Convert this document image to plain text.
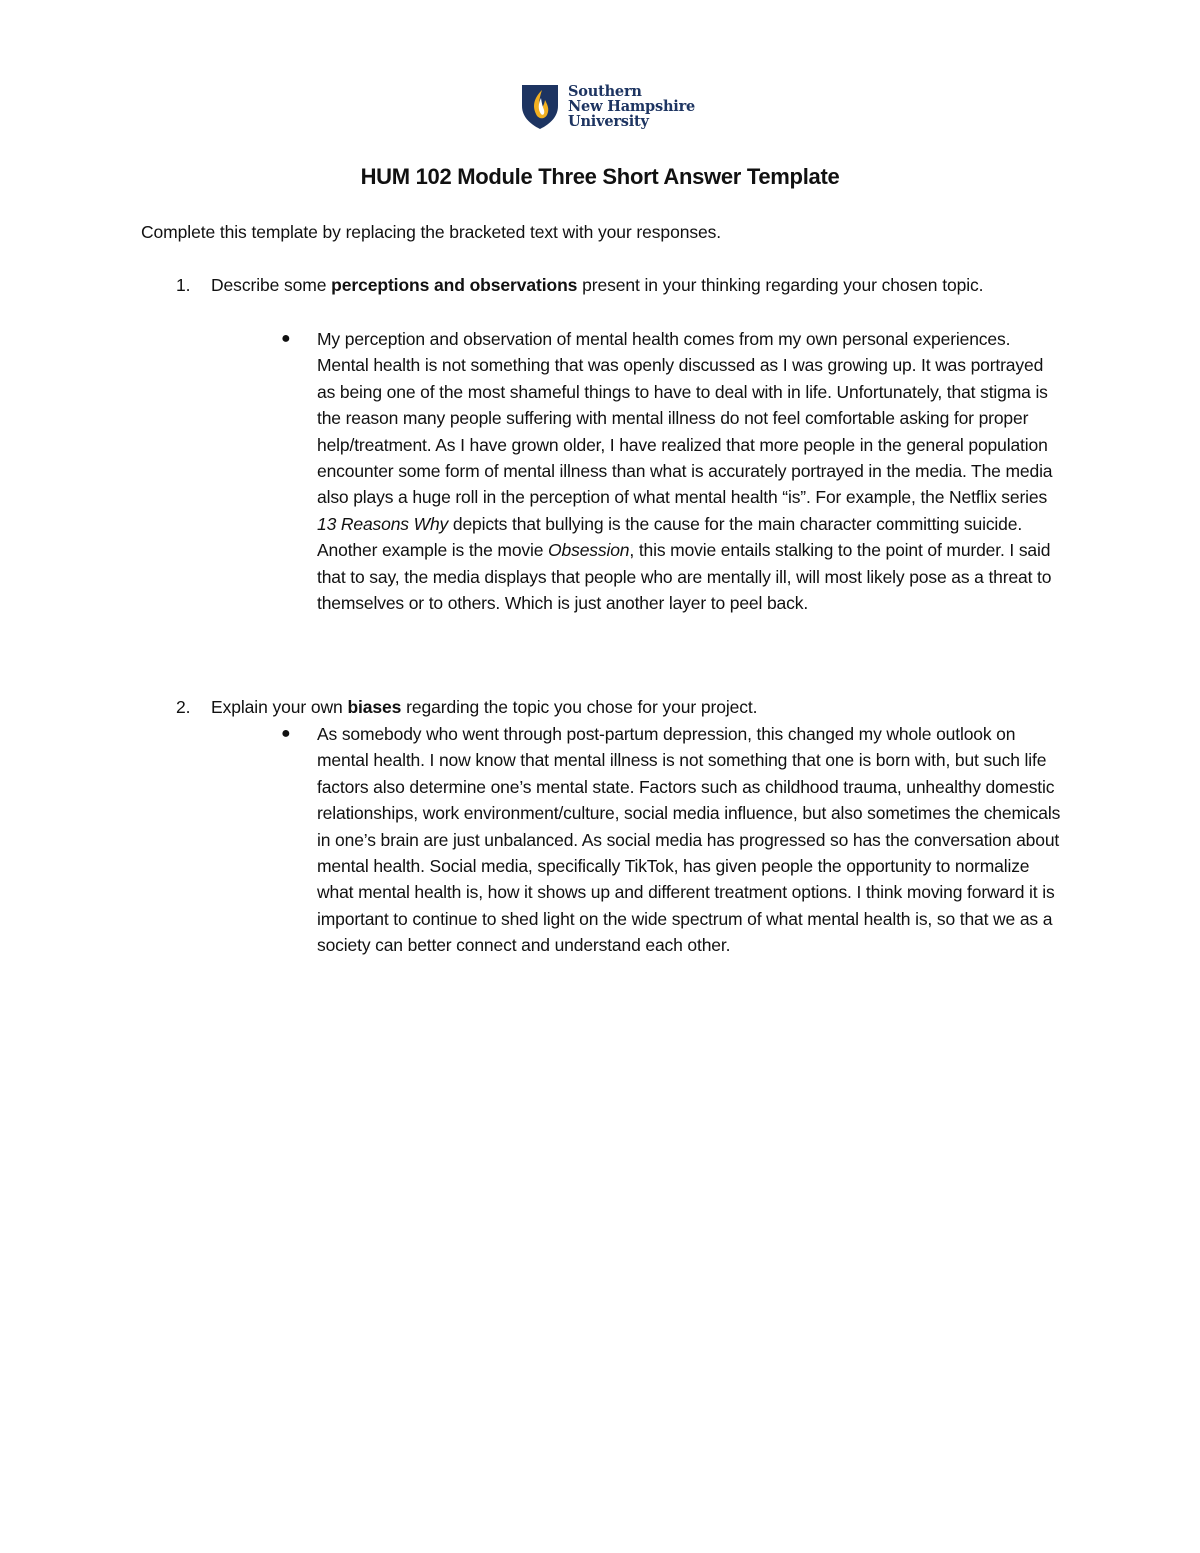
Southern
New Hampshire
University
HUM 102 Module Three Short Answer Template
Complete this template by replacing the bracketed text with your responses.
1. Describe some perceptions and observations present in your thinking regarding your chosen topic.
● My perception and observation of mental health comes from my own personal experiences. Mental health is not something that was openly discussed as I was growing up. It was portrayed as being one of the most shameful things to have to deal with in life. Unfortunately, that stigma is the reason many people suffering with mental illness do not feel comfortable asking for proper help/treatment. As I have grown older, I have realized that more people in the general population encounter some form of mental illness than what is accurately portrayed in the media. The media also plays a huge roll in the perception of what mental health “is”. For example, the Netflix series 13 Reasons Why depicts that bullying is the cause for the main character committing suicide. Another example is the movie Obsession, this movie entails stalking to the point of murder. I said that to say, the media displays that people who are mentally ill, will most likely pose as a threat to themselves or to others. Which is just another layer to peel back.

2. Explain your own biases regarding the topic you chose for your project.
● As somebody who went through post-partum depression, this changed my whole outlook on mental health. I now know that mental illness is not something that one is born with, but such life factors also determine one’s mental state. Factors such as childhood trauma, unhealthy domestic relationships, work environment/culture, social media influence, but also sometimes the chemicals in one’s brain are just unbalanced. As social media has progressed so has the conversation about mental health. Social media, specifically TikTok, has given people the opportunity to normalize what mental health is, how it shows up and different treatment options. I think moving forward it is important to continue to shed light on the wide spectrum of what mental health is, so that we as a society can better connect and understand each other.
